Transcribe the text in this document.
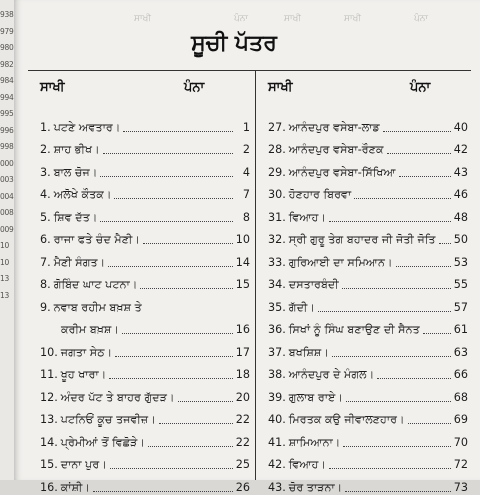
938
979
980
982
984
994
995
996
998
000
003
004
008
009
10
10
13
13
ਸਾਖੀ	ਪੰਨਾ
ਸਾਖੀ
ਪੰਨਾ
ਸਾਖੀ
ਸੂਚੀ ਪੱਤਰ
ਸਾਖੀ	ਪੰਨਾ	ਸਾਖੀ	ਪੰਨਾ
1. ਪਟਣੇ ਅਵਤਾਰ।	1
2. ਸ਼ਾਹ ਭੀਖ।	2
3. ਬਾਲ ਚੋਜ।	4
4. ਅਲੋਖੇ ਕੌਤਕ।	7
5. ਸ਼ਿਵ ਦੱਤ।	8
6. ਰਾਜਾ ਫਤੇ ਚੰਦ ਮੈਣੀ।	10
7. ਮੈਣੀ ਸੰਗਤ।	14
8. ਗੋਬਿੰਦ ਘਾਟ ਪਟਨਾ।	15
9. ਨਵਾਬ ਰਹੀਮ ਬਖ਼ਸ਼ ਤੇ
ਕਰੀਮ ਬਖ਼ਸ਼।	16
10. ਜਗਤਾ ਸੇਠ।	17
11. ਖੂਹ ਖਾਰਾ।	18
12. ਅੰਦਰ ਪੱਟ ਤੇ ਬਾਹਰ ਗੁੱਦੜ।	20
13. ਪਟਨਿਓਂ ਕੂਚ ਤਜਵੀਜ਼।	22
14. ਪ੍ਰੇਮੀਆਂ ਤੋਂ ਵਿਛੋੜੇ।	22
15. ਦਾਨਾ ਪੁਰ।	25
16. ਕਾਂਸ਼ੀ।	26
27. ਆਨੰਦਪੁਰ ਵਸੇਬਾ-ਲਾਡ	40
28. ਆਨੰਦਪੁਰ ਵਸੇਬਾ-ਰੌਣਕ	42
29. ਆਨੰਦਪੁਰ ਵਸੇਬਾ-ਸਿੱਖਿਆ	43
30. ਹੋਣਹਾਰ ਬਿਰਵਾ	46
31. ਵਿਆਹ।	48
32. ਸ੍ਰੀ ਗੁਰੂ ਤੇਗ ਬਹਾਦਰ ਜੀ ਜੋਤੀ ਜੋਤਿ 50
33. ਗੁਰਿਆਈ ਦਾ ਸਮਿਆਨ।	53
34. ਦਸਤਾਰਬੰਦੀ	55
35. ਗੱਦੀ।	57
36. ਸਿਖਾਂ ਨੂੰ ਸਿੰਘ ਬਣਾਉਣ ਦੀ ਸੈਨਤ	61
37. ਬਖਸ਼ਿਸ਼।	63
38. ਆਨੰਦਪੁਰ ਦੇ ਮੰਗਲ।	66
39. ਗੁਲਾਬ ਰਾਏ।	68
40. ਮਿਰਤਕ ਕਉ ਜੀਵਾਲਣਹਾਰ।	69
41. ਸ਼ਾਮਿਆਨਾ।	70
42. ਵਿਆਹ।	72
43. ਚੋਰ ਤਾੜਨਾ।	73
